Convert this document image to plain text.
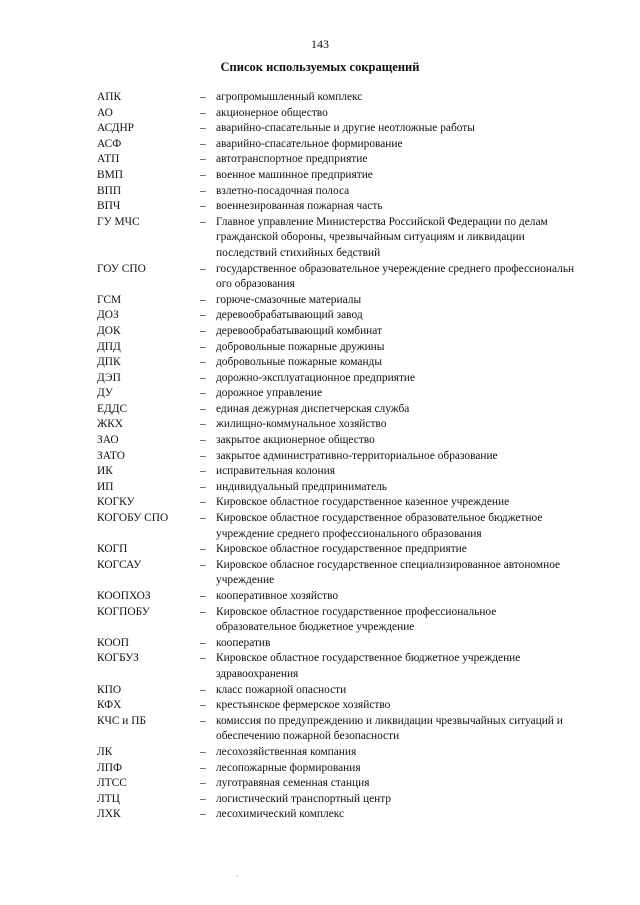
143
Список используемых сокращений
АПК	– агропромышленный комплекс
АО	– акционерное общество
АСДНР	– аварийно-спасательные и другие неотложные работы
АСФ	– аварийно-спасательное формирование
АТП	– автотранспортное предприятие
ВМП	– военное машинное предприятие
ВПП	– взлетно-посадочная полоса
ВПЧ	– военнезированная пожарная часть
ГУ МЧС	– Главное управление Министерства Российской Федерации по делам
гражданской обороны, чрезвычайным ситуациям и ликвидации
последствий стихийных бедствий
ГОУ СПО	– государственное образовательное учереждение среднего профессиональн
ого образования
ГСМ	– горюче-смазочные материалы
ДОЗ	– деревообрабатывающий завод
ДОК	– деревообрабатывающий комбинат
ДПД	– добровольные пожарные дружины
ДПК	– добровольные пожарные команды
ДЭП	– дорожно-эксплуатационное предприятие
ДУ	– дорожное управление
ЕДДС	– единая дежурная диспетчерская служба
ЖКХ	– жилищно-коммунальное хозяйство
ЗАО	– закрытое акционерное общество
ЗАТО	– закрытое административно-территориальное образование
ИК	– исправительная колония
ИП	– индивидуальный предприниматель
КОГКУ	– Кировское областное государственное казенное учреждение
КОГОБУ СПО	– Кировское областное государственное образовательное бюджетное
учреждение среднего профессионального образования
КОГП	– Кировское областное государственное предприятие
КОГСАУ	– Кировское обласное государственное специализированное автономное
учреждение
КООПХОЗ	– кооперативное хозяйство
КОГПОБУ	– Кировское областное государственное профессиональное
образовательное бюджетное учреждение
КООП	– кооператив
КОГБУЗ	– Кировское областное государственное бюджетное учреждение
здравоохранения
КПО	– класс пожарной опасности
КФХ	– крестьянское фермерское хозяйство
КЧС и ПБ	– комиссия по предупреждению и ликвидации чрезвычайных ситуаций и
обеспечению пожарной безопасности
ЛК	– лесохозяйственная компания
ЛПФ	– лесопожарные формирования
ЛТСС	– луготравяная семенная станция
ЛТЦ	– логистический транспортный центр
ЛХК	– лесохимический комплекс
·
